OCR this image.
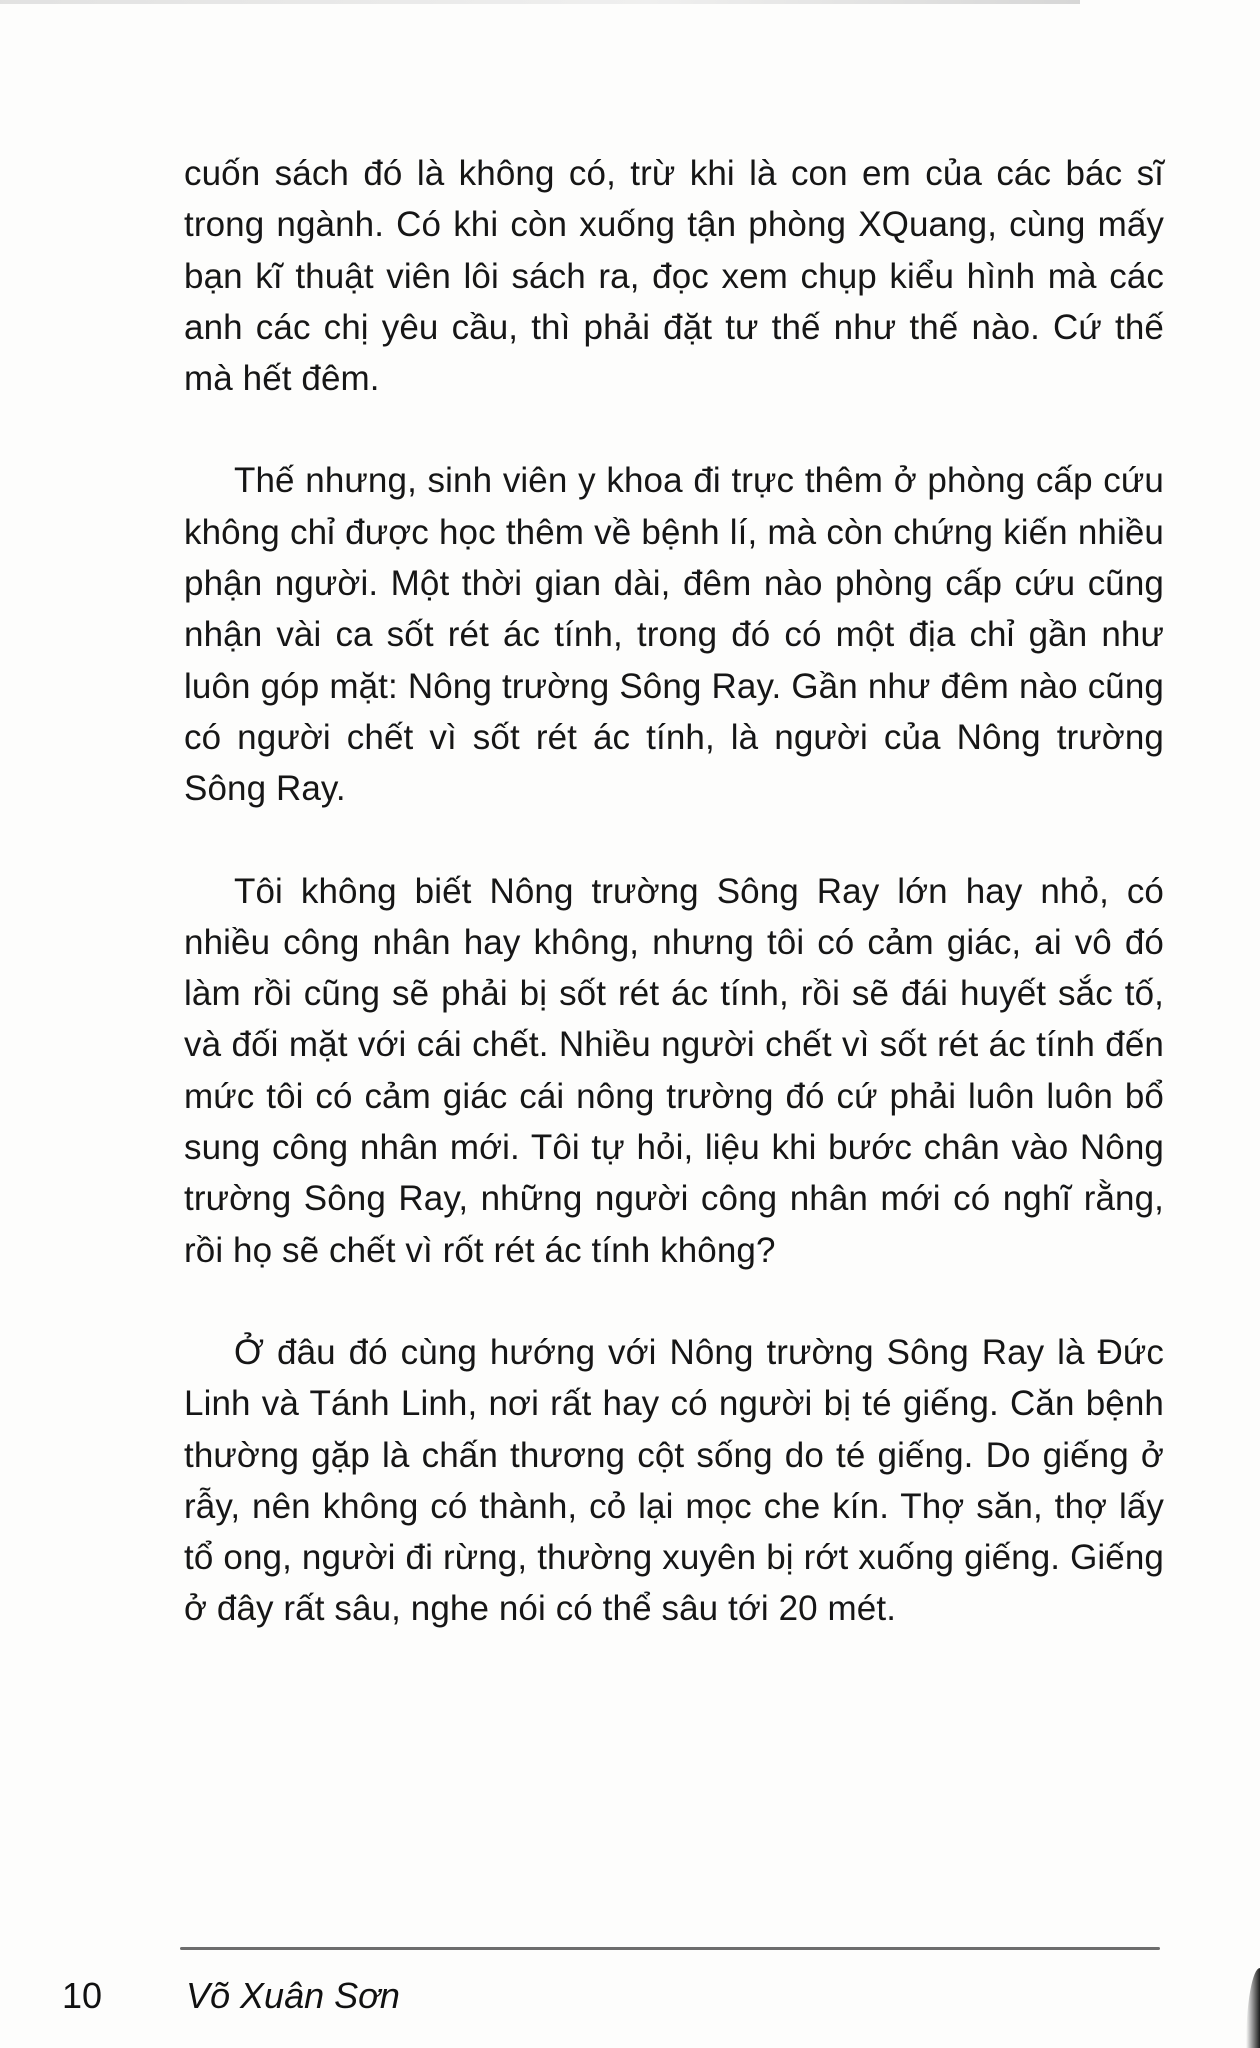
cuốn sách đó là không có, trừ khi là con em của các bác sĩ trong ngành. Có khi còn xuống tận phòng XQuang, cùng mấy bạn kĩ thuật viên lôi sách ra, đọc xem chụp kiểu hình mà các anh các chị yêu cầu, thì phải đặt tư thế như thế nào. Cứ thế mà hết đêm.

Thế nhưng, sinh viên y khoa đi trực thêm ở phòng cấp cứu không chỉ được học thêm về bệnh lí, mà còn chứng kiến nhiều phận người. Một thời gian dài, đêm nào phòng cấp cứu cũng nhận vài ca sốt rét ác tính, trong đó có một địa chỉ gần như luôn góp mặt: Nông trường Sông Ray. Gần như đêm nào cũng có người chết vì sốt rét ác tính, là người của Nông trường Sông Ray.

Tôi không biết Nông trường Sông Ray lớn hay nhỏ, có nhiều công nhân hay không, nhưng tôi có cảm giác, ai vô đó làm rồi cũng sẽ phải bị sốt rét ác tính, rồi sẽ đái huyết sắc tố, và đối mặt với cái chết. Nhiều người chết vì sốt rét ác tính đến mức tôi có cảm giác cái nông trường đó cứ phải luôn luôn bổ sung công nhân mới. Tôi tự hỏi, liệu khi bước chân vào Nông trường Sông Ray, những người công nhân mới có nghĩ rằng, rồi họ sẽ chết vì rốt rét ác tính không?

Ở đâu đó cùng hướng với Nông trường Sông Ray là Đức Linh và Tánh Linh, nơi rất hay có người bị té giếng. Căn bệnh thường gặp là chấn thương cột sống do té giếng. Do giếng ở rẫy, nên không có thành, cỏ lại mọc che kín. Thợ săn, thợ lấy tổ ong, người đi rừng, thường xuyên bị rớt xuống giếng. Giếng ở đây rất sâu, nghe nói có thể sâu tới 20 mét.

10 Võ Xuân Sơn
